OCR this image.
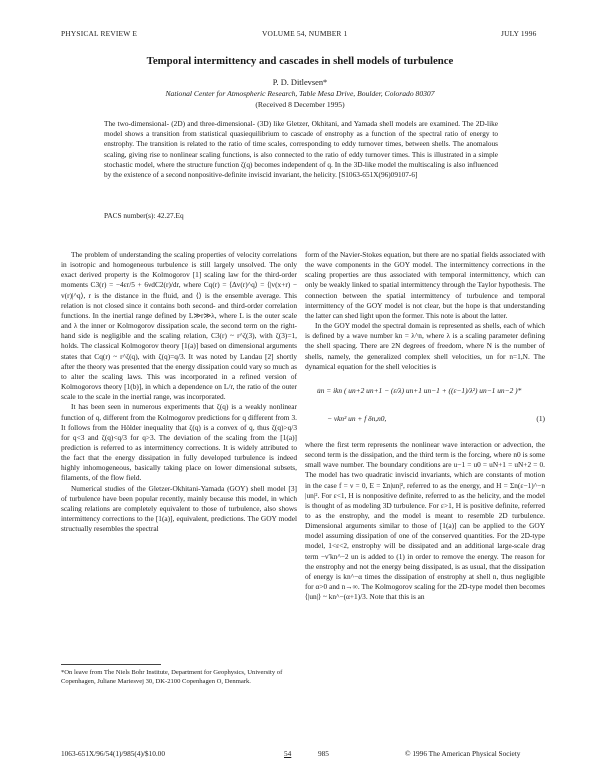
PHYSICAL REVIEW E	VOLUME 54, NUMBER 1	JULY 1996
Temporal intermittency and cascades in shell models of turbulence
P. D. Ditlevsen*
National Center for Atmospheric Research, Table Mesa Drive, Boulder, Colorado 80307
(Received 8 December 1995)
The two-dimensional- (2D) and three-dimensional- (3D) like Gletzer, Okhitani, and Yamada shell models are examined. The 2D-like model shows a transition from statistical quasiequilibrium to cascade of enstrophy as a function of the spectral ratio of energy to enstrophy. The transition is related to the ratio of time scales, corresponding to eddy turnover times, between shells. The anomalous scaling, giving rise to nonlinear scaling functions, is also connected to the ratio of eddy turnover times. This is illustrated in a simple stochastic model, where the structure function ζ(q) becomes independent of q. In the 3D-like model the multiscaling is also influenced by the existence of a second nonpositive-definite inviscid invariant, the helicity. [S1063-651X(96)09107-6]
PACS number(s): 42.27.Eq

The problem of understanding the scaling properties of velocity correlations in isotropic and homogeneous turbulence is still largely unsolved. The only exact derived property is the Kolmogorov [1] scaling law for the third-order moments C3(r) = −4εr/5 + 6νdC2(r)/dr, where Cq(r) = ⟨Δv(r)^q⟩ = ⟨|v(x+r) − v(r)|^q⟩, r is the distance in the fluid, and ⟨⟩ is the ensemble average. This relation is not closed since it contains both second- and third-order correlation functions. In the inertial range defined by L≫r≫λ, where L is the outer scale and λ the inner or Kolmogorov dissipation scale, the second term on the right-hand side is negligible and the scaling relation, C3(r) ~ r^ζ(3), with ζ(3)=1, holds. The classical Kolmogorov theory [1(a)] based on dimensional arguments states that Cq(r) ~ r^ζ(q), with ζ(q)=q/3. It was noted by Landau [2] shortly after the theory was presented that the energy dissipation could vary so much as to alter the scaling laws. This was incorporated in a refined version of Kolmogorovs theory [1(b)], in which a dependence on L/r, the ratio of the outer scale to the scale in the inertial range, was incorporated.

It has been seen in numerous experiments that ζ(q) is a weakly nonlinear function of q, different from the Kolmogorov predictions for q different from 3. It follows from the Hölder inequality that ζ(q) is a convex of q, thus ζ(q)>q/3 for q<3 and ζ(q)<q/3 for q>3. The deviation of the scaling from the [1(a)] prediction is referred to as intermittency corrections. It is widely attributed to the fact that the energy dissipation in fully developed turbulence is indeed highly inhomogeneous, basically taking place on lower dimensional subsets, filaments, of the flow field.

Numerical studies of the Gletzer-Okhitani-Yamada (GOY) shell model [3] of turbulence have been popular recently, mainly because this model, in which scaling relations are completely equivalent to those of turbulence, also shows intermittency corrections to the [1(a)], equivalent, predictions. The GOY model structually resembles the spectral

form of the Navier-Stokes equation, but there are no spatial fields associated with the wave components in the GOY model. The intermittency corrections in the scaling properties are thus associated with temporal intermittency, which can only be weakly linked to spatial intermittency through the Taylor hypothesis. The connection between the spatial intermittency of turbulence and temporal intermittency of the GOY model is not clear, but the hope is that understanding the latter can shed light upon the former. This note is about the latter.

In the GOY model the spectral domain is represented as shells, each of which is defined by a wave number kn = λ^n, where λ is a scaling parameter defining the shell spacing. There are 2N degrees of freedom, where N is the number of shells, namely, the generalized complex shell velocities, un for n=1,N. The dynamical equation for the shell velocities is

u̇n = ikn ( un+2 un+1 − (ε/λ) un+1 un−1 + ((ε−1)/λ²) un−1 un−2 )*
− νkn² un + f δn,n0,	(1)

where the first term represents the nonlinear wave interaction or advection, the second term is the dissipation, and the third term is the forcing, where n0 is some small wave number. The boundary conditions are u−1 = u0 = uN+1 = uN+2 = 0. The model has two quadratic inviscid invariants, which are constants of motion in the case f = ν = 0, E = Σn|un|², referred to as the energy, and H = Σn(ε−1)^−n |un|². For ε<1, H is nonpositive definite, referred to as the helicity, and the model is thought of as modeling 3D turbulence. For ε>1, H is positive definite, referred to as the enstrophy, and the model is meant to resemble 2D turbulence. Dimensional arguments similar to those of [1(a)] can be applied to the GOY model assuming dissipation of one of the conserved quantities. For the 2D-type model, 1<ε<2, enstrophy will be dissipated and an additional large-scale drag term −ν′kn^−2 un is added to (1) in order to remove the energy. The reason for the enstrophy and not the energy being dissipated, is as usual, that the dissipation of energy is kn^−α times the dissipation of enstrophy at shell n, thus negligible for α>0 and n→∞. The Kolmogorov scaling for the 2D-type model then becomes ⟨|un|⟩ ~ kn^−(α+1)/3. Note that this is an

*On leave from The Niels Bohr Institute, Department for Geophysics, University of Copenhagen, Juliane Mariesvej 30, DK-2100 Copenhagen O, Denmark.
1063-651X/96/54(1)/985(4)/$10.00	54	985	© 1996 The American Physical Society
